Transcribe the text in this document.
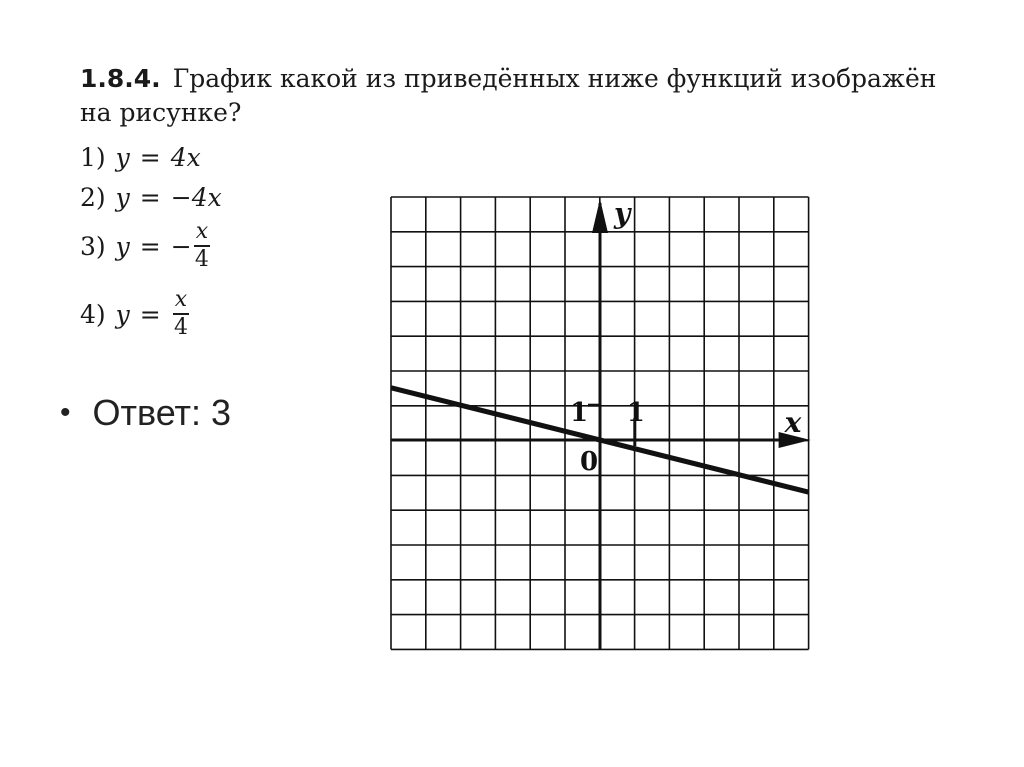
1.8.4. График какой из приведённых ниже функций изображён
на рисунке?
1) y = 4x
2) y = −4x
3) y = − $\frac{x}{4}$
4) $y = \frac{x}{4}$
• Ответ: 3	x
y
0
1
1
